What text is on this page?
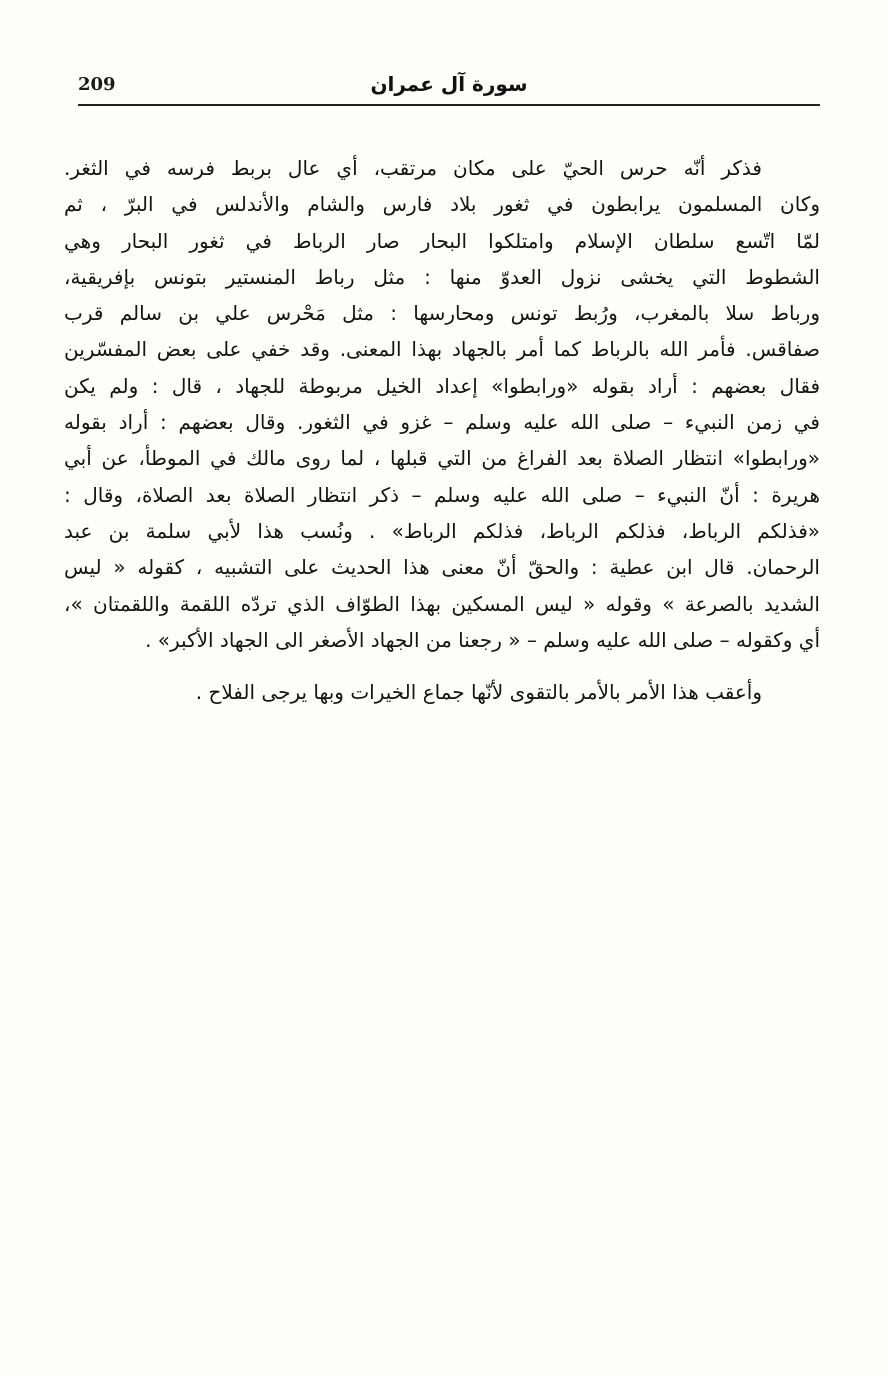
209	سورة آل عمران

فذكر أنّه حرس الحيّ على مكان مرتقب، أي عال بربط فرسه في الثغر.
وكان المسلمون يرابطون في ثغور بلاد فارس والشام والأندلس في البرّ ، ثم
لمّا اتّسع سلطان الإسلام وامتلكوا البحار صار الرباط في ثغور البحار وهي
الشطوط التي يخشى نزول العدوّ منها : مثل رباط المنستير بتونس بإفريقية،
ورباط سلا بالمغرب، ورُبط تونس ومحارسها : مثل مَحْرس علي بن سالم قرب
صفاقس. فأمر الله بالرباط كما أمر بالجهاد بهذا المعنى. وقد خفي على بعض المفسّرين
فقال بعضهم : أراد بقوله «ورابطوا» إعداد الخيل مربوطة للجهاد ، قال : ولم يكن
في زمن النبيء – صلى الله عليه وسلم – غزو في الثغور. وقال بعضهم : أراد بقوله
«ورابطوا» انتظار الصلاة بعد الفراغ من التي قبلها ، لما روى مالك في الموطأ، عن أبي
هريرة : أنّ النبيء – صلى الله عليه وسلم – ذكر انتظار الصلاة بعد الصلاة، وقال :
«فذلكم الرباط، فذلكم الرباط، فذلكم الرباط» . ونُسب هذا لأبي سلمة بن عبد
الرحمان. قال ابن عطية : والحقّ أنّ معنى هذا الحديث على التشبيه ، كقوله « ليس
الشديد بالصرعة » وقوله « ليس المسكين بهذا الطوّاف الذي تردّه اللقمة واللقمتان »،
أي وكقوله – صلى الله عليه وسلم – « رجعنا من الجهاد الأصغر الى الجهاد الأكبر» .

وأعقب هذا الأمر بالأمر بالتقوى لأنّها جماع الخيرات وبها يرجى الفلاح .
